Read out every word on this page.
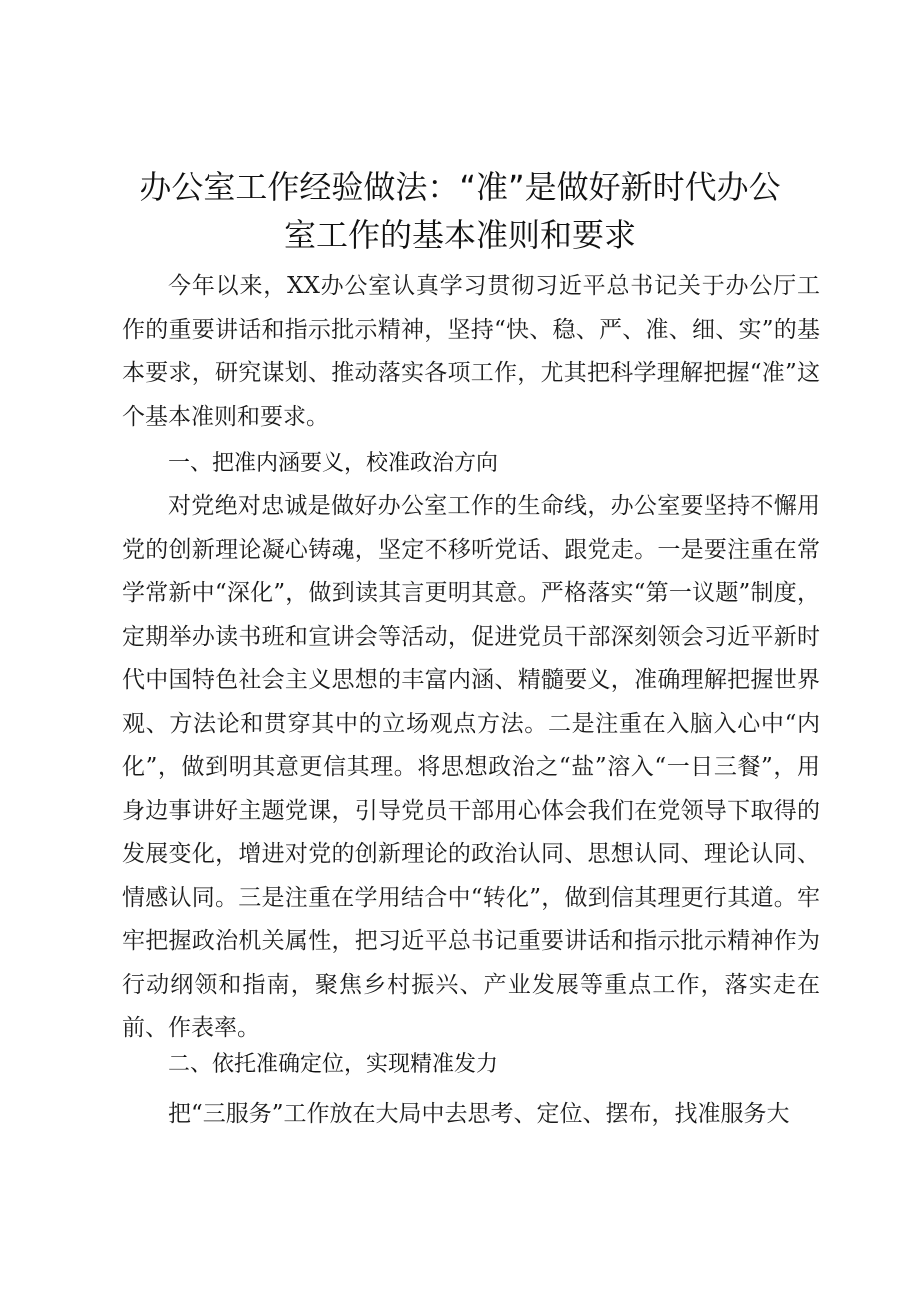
办公室工作经验做法：“准”是做好新时代办公
室工作的基本准则和要求

今年以来，XX办公室认真学习贯彻习近平总书记关于办公厅工作的重要讲话和指示批示精神，坚持“快、稳、严、准、细、实”的基本要求，研究谋划、推动落实各项工作，尤其把科学理解把握“准”这个基本准则和要求。

一、把准内涵要义，校准政治方向

对党绝对忠诚是做好办公室工作的生命线，办公室要坚持不懈用党的创新理论凝心铸魂，坚定不移听党话、跟党走。一是要注重在常学常新中“深化”，做到读其言更明其意。严格落实“第一议题”制度，定期举办读书班和宣讲会等活动，促进党员干部深刻领会习近平新时代中国特色社会主义思想的丰富内涵、精髓要义，准确理解把握世界观、方法论和贯穿其中的立场观点方法。二是注重在入脑入心中“内化”，做到明其意更信其理。将思想政治之“盐”溶入“一日三餐”，用身边事讲好主题党课，引导党员干部用心体会我们在党领导下取得的发展变化，增进对党的创新理论的政治认同、思想认同、理论认同、情感认同。三是注重在学用结合中“转化”，做到信其理更行其道。牢牢把握政治机关属性，把习近平总书记重要讲话和指示批示精神作为行动纲领和指南，聚焦乡村振兴、产业发展等重点工作，落实走在前、作表率。

二、依托准确定位，实现精准发力

把“三服务”工作放在大局中去思考、定位、摆布，找准服务大
